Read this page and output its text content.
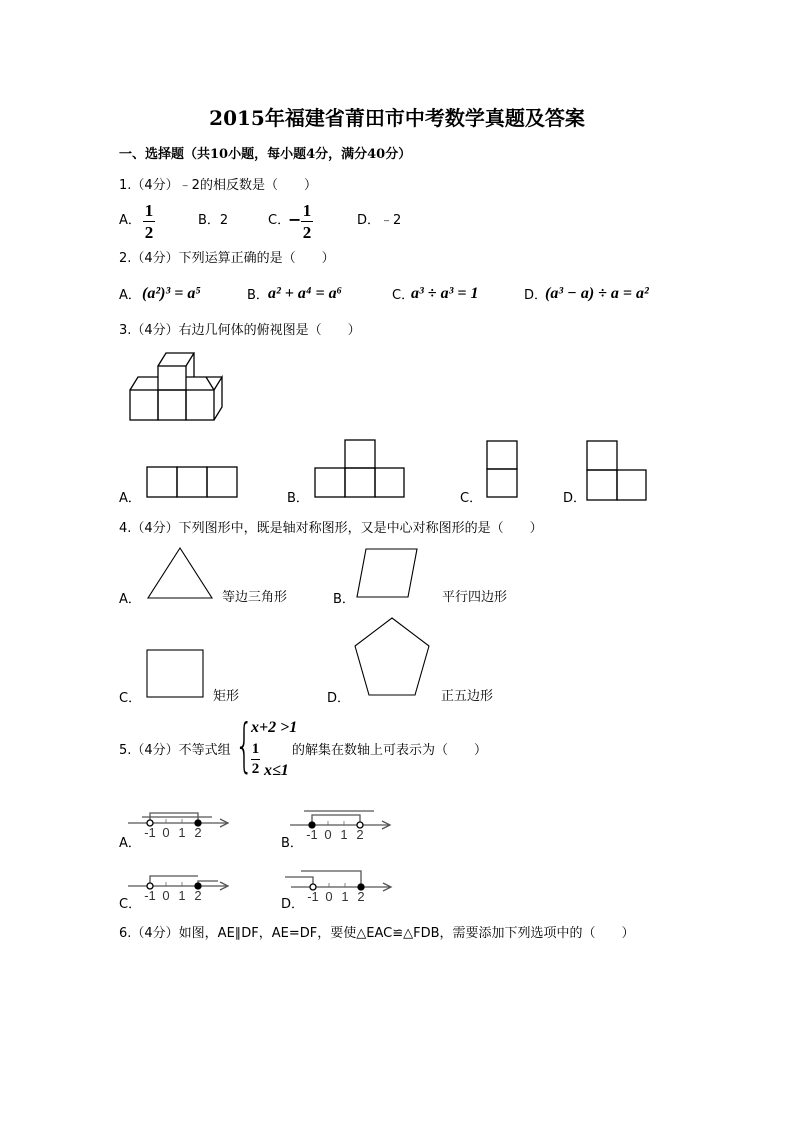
2015年福建省莆田市中考数学真题及答案
一、选择题（共10小题，每小题4分，满分40分）
1.（4分）﹣2的相反数是（　　）
A．
1
2
B．2	C．
− 1
2
D．﹣2
2.（4分）下列运算正确的是（　　）
A． (a²)³ = a⁵	B． a² + a⁴ = a⁶	C．
a³ ÷ a³ = 1	D．
(a³ − a) ÷ a = a²
3.（4分）右边几何体的俯视图是（　　）
A．	B．	C．	D．
4.（4分）下列图形中，既是轴对称图形，又是中心对称图形的是（　　）
A．	等边三角形	B．	平行四边形
C．	矩形	D．	正五边形
5.（4分）不等式组 {
x+2 >1
1
2 x≤1
的解集在数轴上可表示为（　　）
-1 0 1 2	-1 0 1 2
-1 0 1 2	-1 0 1 2
A．	B．
C．	D．
6.（4分）如图，AE∥DF，AE=DF，要使△EAC≌△FDB，需要添加下列选项中的（　　）
